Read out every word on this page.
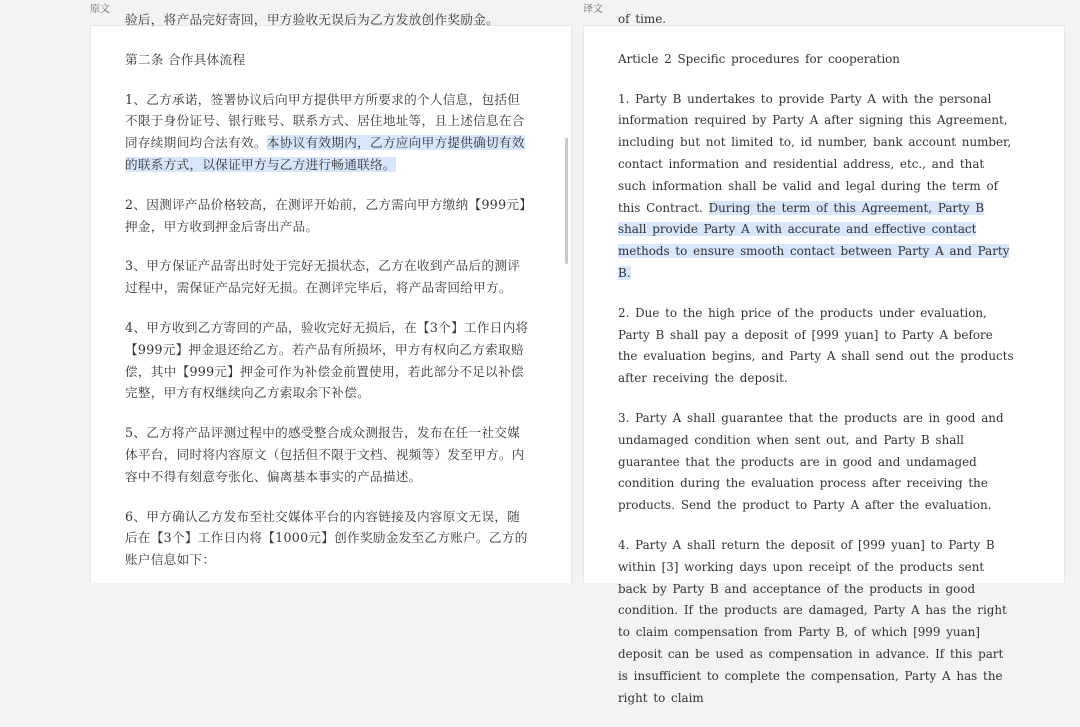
原文	译文

验后，将产品完好寄回，甲方验收无误后为乙方发放创作奖励金。

第二条 合作具体流程

1、乙方承诺，签署协议后向甲方提供甲方所要求的个人信息，包括但不限于身份证号、银行账号、联系方式、居住地址等，且上述信息在合同存续期间均合法有效。本协议有效期内，乙方应向甲方提供确切有效的联系方式，以保证甲方与乙方进行畅通联络。

2、因测评产品价格较高，在测评开始前，乙方需向甲方缴纳【999元】押金，甲方收到押金后寄出产品。

3、甲方保证产品寄出时处于完好无损状态，乙方在收到产品后的测评过程中，需保证产品完好无损。在测评完毕后，将产品寄回给甲方。

4、甲方收到乙方寄回的产品，验收完好无损后，在【3个】工作日内将【999元】押金退还给乙方。若产品有所损坏，甲方有权向乙方索取赔偿，其中【999元】押金可作为补偿金前置使用，若此部分不足以补偿完整，甲方有权继续向乙方索取余下补偿。

5、乙方将产品评测过程中的感受整合成众测报告，发布在任一社交媒体平台，同时将内容原文（包括但不限于文档、视频等）发至甲方。内容中不得有刻意夸张化、偏离基本事实的产品描述。

6、甲方确认乙方发布至社交媒体平台的内容链接及内容原文无误，随后在【3个】工作日内将【1000元】创作奖励金发至乙方账户。乙方的账户信息如下：

of time.

Article 2 Specific procedures for cooperation

1. Party B undertakes to provide Party A with the personal information required by Party A after signing this Agreement, including but not limited to, id number, bank account number, contact information and residential address, etc., and that such information shall be valid and legal during the term of this Contract. During the term of this Agreement, Party B shall provide Party A with accurate and effective contact methods to ensure smooth contact between Party A and Party B.

2. Due to the high price of the products under evaluation, Party B shall pay a deposit of [999 yuan] to Party A before the evaluation begins, and Party A shall send out the products after receiving the deposit.

3. Party A shall guarantee that the products are in good and undamaged condition when sent out, and Party B shall guarantee that the products are in good and undamaged condition during the evaluation process after receiving the products. Send the product to Party A after the evaluation.

4. Party A shall return the deposit of [999 yuan] to Party B within [3] working days upon receipt of the products sent back by Party B and acceptance of the products in good condition. If the products are damaged, Party A has the right to claim compensation from Party B, of which [999 yuan] deposit can be used as compensation in advance. If this part is insufficient to complete the compensation, Party A has the right to claim
